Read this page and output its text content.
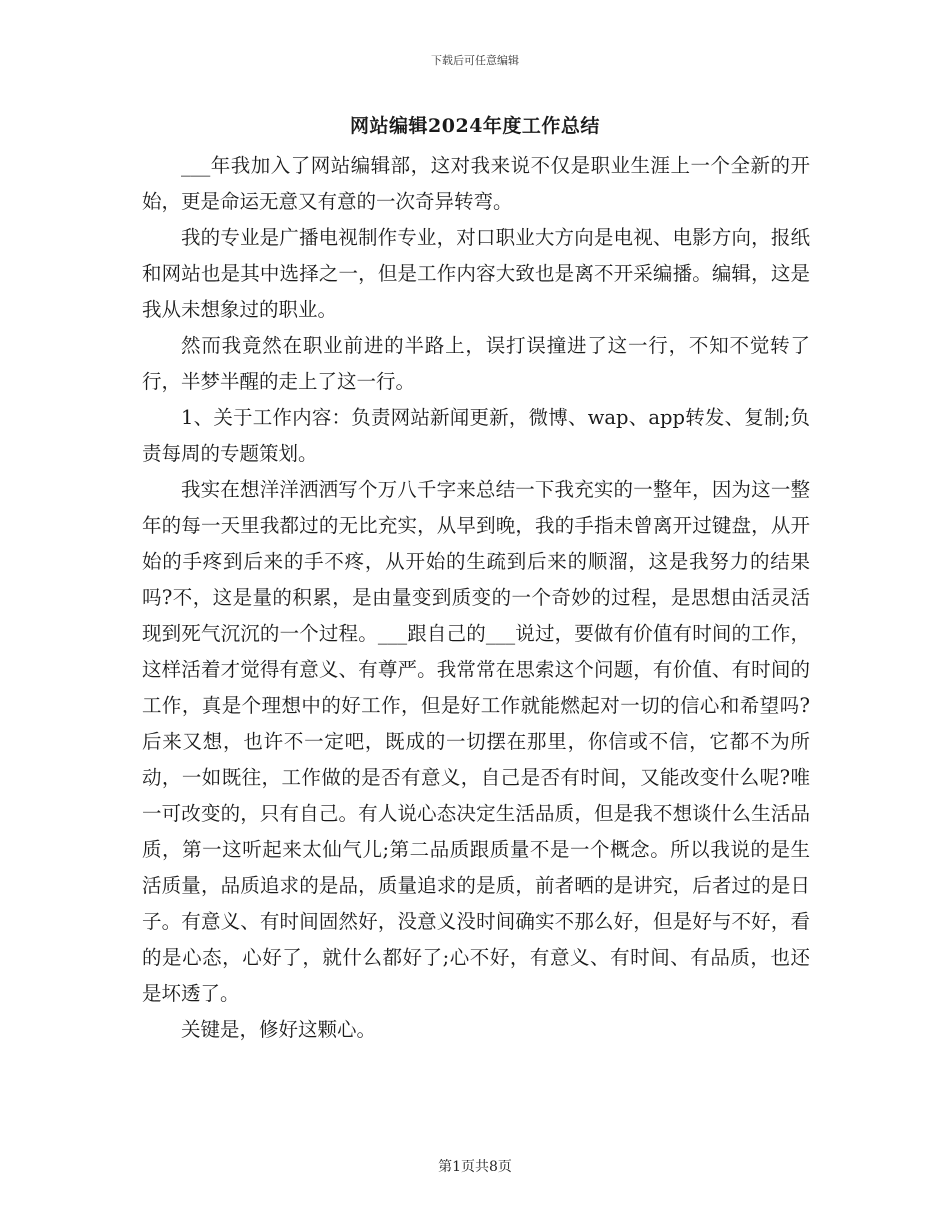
下载后可任意编辑
网站编辑2024年度工作总结

___年我加入了网站编辑部，这对我来说不仅是职业生涯上一个全新的开始，更是命运无意又有意的一次奇异转弯。

我的专业是广播电视制作专业，对口职业大方向是电视、电影方向，报纸和网站也是其中选择之一，但是工作内容大致也是离不开采编播。编辑，这是我从未想象过的职业。

然而我竟然在职业前进的半路上，误打误撞进了这一行，不知不觉转了行，半梦半醒的走上了这一行。

1、关于工作内容：负责网站新闻更新，微博、wap、app转发、复制;负责每周的专题策划。

我实在想洋洋洒洒写个万八千字来总结一下我充实的一整年，因为这一整年的每一天里我都过的无比充实，从早到晚，我的手指未曾离开过键盘，从开始的手疼到后来的手不疼，从开始的生疏到后来的顺溜，这是我努力的结果吗?不，这是量的积累，是由量变到质变的一个奇妙的过程，是思想由活灵活现到死气沉沉的一个过程。___跟自己的___说过，要做有价值有时间的工作，这样活着才觉得有意义、有尊严。我常常在思索这个问题，有价值、有时间的工作，真是个理想中的好工作，但是好工作就能燃起对一切的信心和希望吗?后来又想，也许不一定吧，既成的一切摆在那里，你信或不信，它都不为所动，一如既往，工作做的是否有意义，自己是否有时间，又能改变什么呢?唯一可改变的，只有自己。有人说心态决定生活品质，但是我不想谈什么生活品质，第一这听起来太仙气儿;第二品质跟质量不是一个概念。所以我说的是生活质量，品质追求的是品，质量追求的是质，前者晒的是讲究，后者过的是日子。有意义、有时间固然好，没意义没时间确实不那么好，但是好与不好，看的是心态，心好了，就什么都好了;心不好，有意义、有时间、有品质，也还是坏透了。

关键是，修好这颗心。

第1页共8页
